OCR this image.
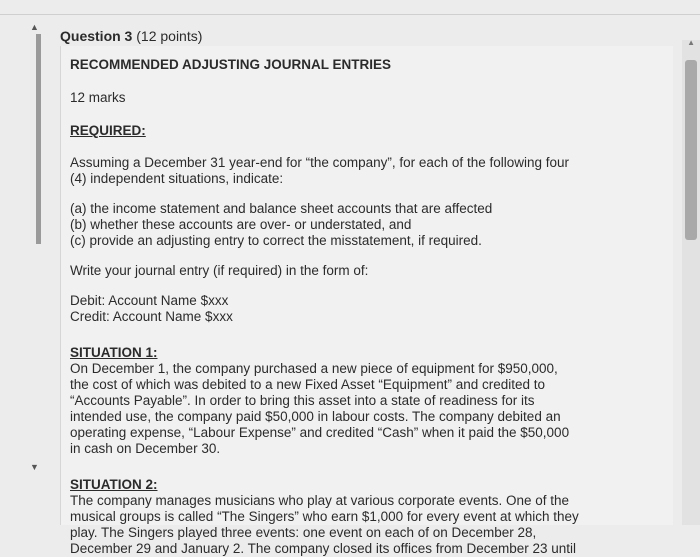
▲
▼
Question 3 (12 points)

RECOMMENDED ADJUSTING JOURNAL ENTRIES

12 marks

REQUIRED:

Assuming a December 31 year-end for “the company”, for each of the following four

(4) independent situations, indicate:

(a) the income statement and balance sheet accounts that are affected

(b) whether these accounts are over- or understated, and

(c) provide an adjusting entry to correct the misstatement, if required.

Write your journal entry (if required) in the form of:

Debit: Account Name $xxx

Credit: Account Name $xxx

SITUATION 1:

On December 1, the company purchased a new piece of equipment for $950,000,

the cost of which was debited to a new Fixed Asset “Equipment” and credited to

“Accounts Payable”. In order to bring this asset into a state of readiness for its

intended use, the company paid $50,000 in labour costs. The company debited an

operating expense, “Labour Expense” and credited “Cash” when it paid the $50,000

in cash on December 30.

SITUATION 2:

The company manages musicians who play at various corporate events. One of the

musical groups is called “The Singers” who earn $1,000 for every event at which they

play. The Singers played three events: one event on each of on December 28,

December 29 and January 2. The company closed its offices from December 23 until

▲
